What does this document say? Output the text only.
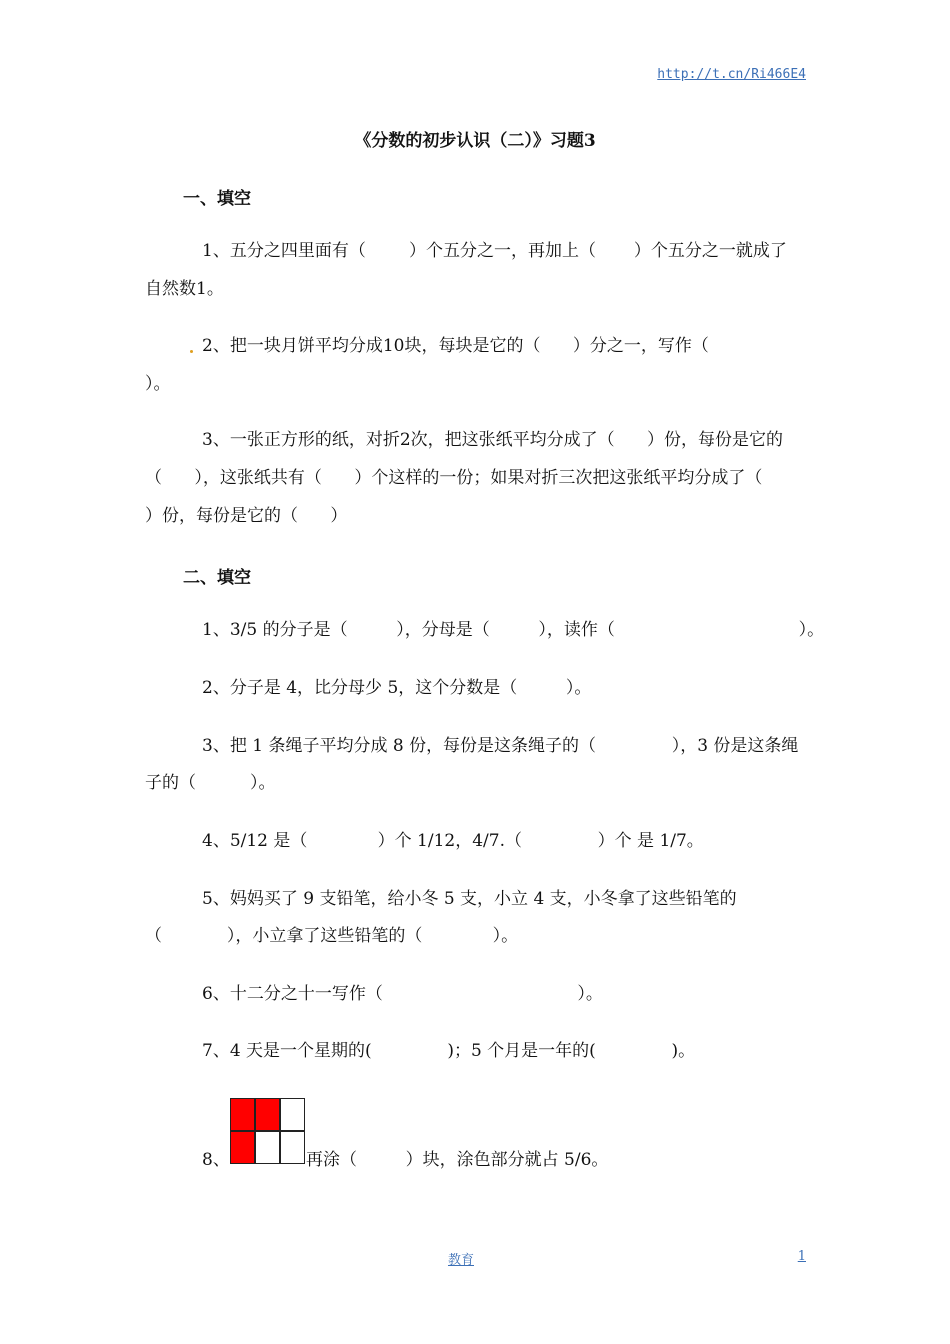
http://t.cn/Ri466E4
《分数的初步认识（二）》习题3
一、填空
1、五分之四里面有（        ）个五分之一，再加上（       ）个五分之一就成了
自然数1。
2、把一块月饼平均分成10块，每块是它的（      ）分之一，写作（
）。
3、一张正方形的纸，对折2次，把这张纸平均分成了（      ）份，每份是它的
（      ），这张纸共有（      ）个这样的一份；如果对折三次把这张纸平均分成了（
）份，每份是它的（      ）
二、填空
1、3/5 的分子是（         ），分母是（         ），读作（                                  ）。
2、分子是 4，比分母少 5，这个分数是（         ）。
3、把 1 条绳子平均分成 8 份，每份是这条绳子的（              ），3 份是这条绳
子的（          ）。
4、5/12 是（             ）个 1/12，4/7.（              ）个 是 1/7。
5、妈妈买了 9 支铅笔，给小冬 5 支，小立 4 支，小冬拿了这些铅笔的
（            ），小立拿了这些铅笔的（             ）。
6、十二分之十一写作（                                    ）。
7、4 天是一个星期的(              )；5 个月是一年的(              )。
8、	再涂（         ）块，涂色部分就占 5/6。
教育	1
